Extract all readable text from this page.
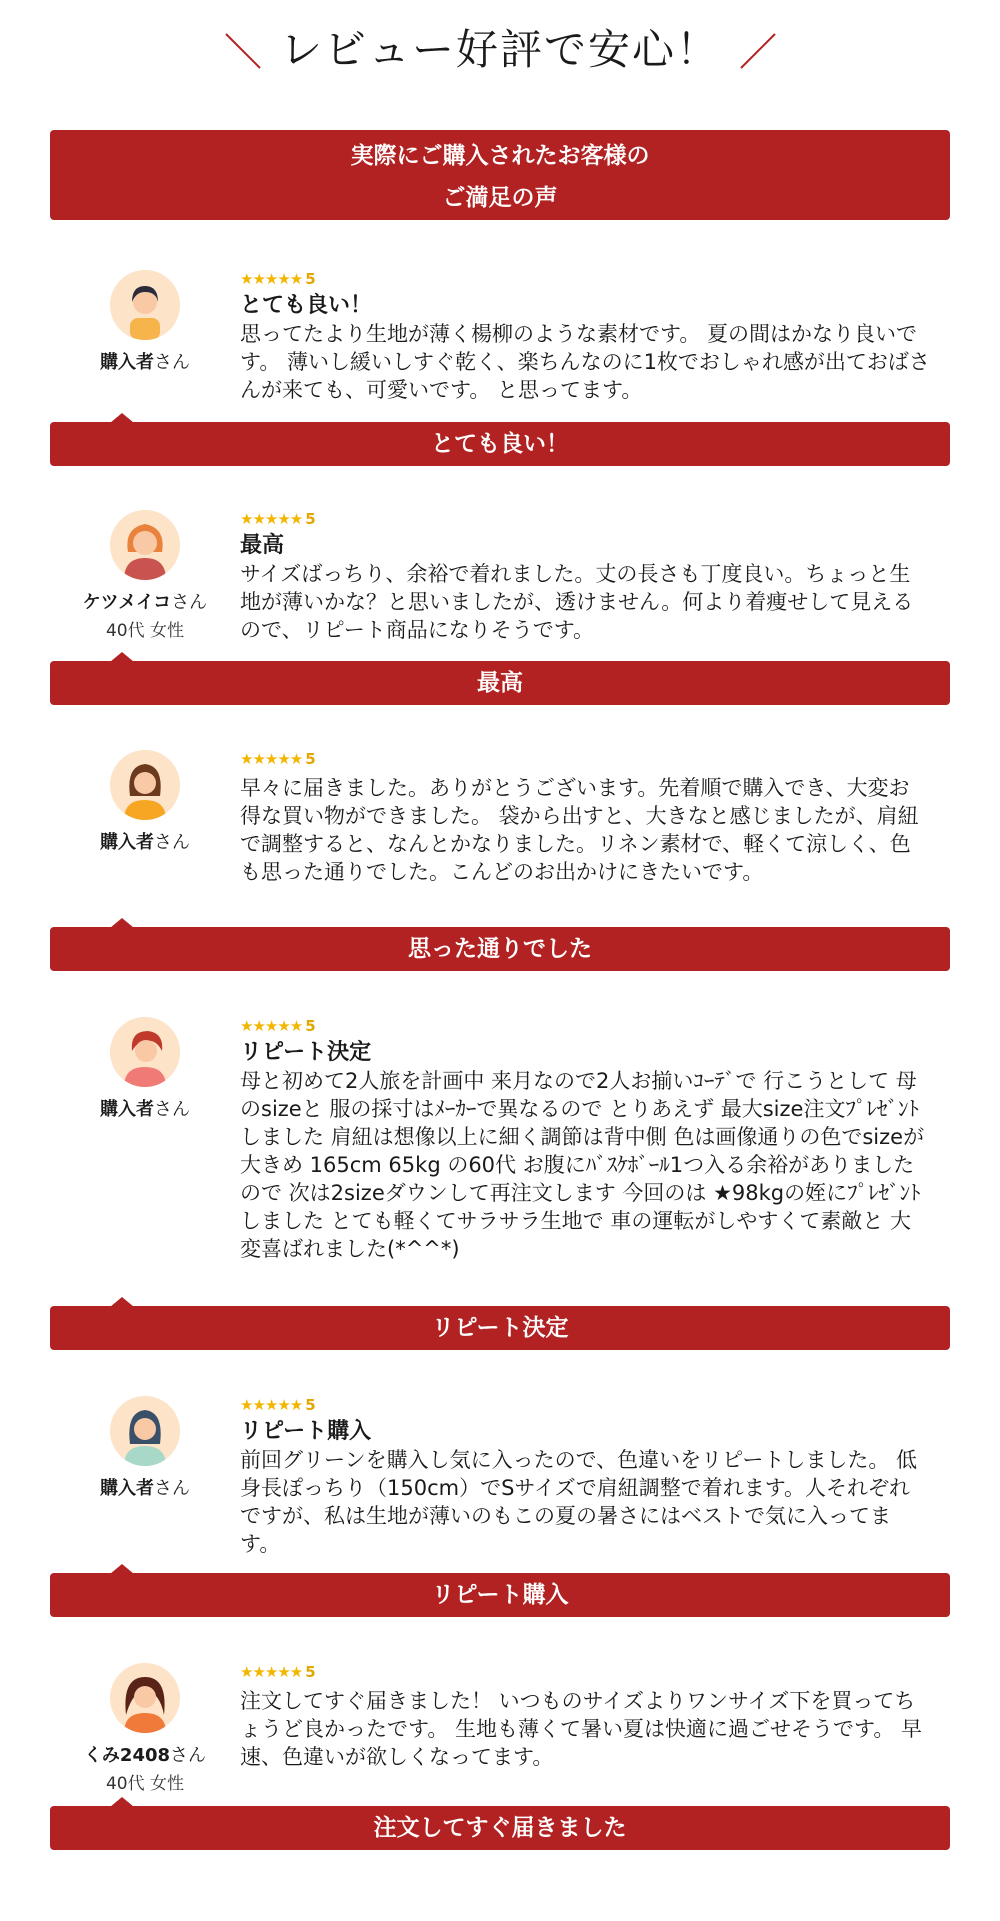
レビュー好評で安心！
実際にご購入されたお客様の
ご満足の声
購入者さん
★★★★★ 5
とても良い！
思ってたより生地が薄く楊柳のような素材です。 夏の間はかなり良いです。 薄いし緩いしすぐ乾く、楽ちんなのに1枚でおしゃれ感が出ておばさんが来ても、可愛いです。 と思ってます。
とても良い！
ケツメイコさん
40代 女性
★★★★★ 5
最高
サイズばっちり、余裕で着れました。丈の長さも丁度良い。ちょっと生地が薄いかな？と思いましたが、透けません。何より着痩せして見えるので、リピート商品になりそうです。
最高
購入者さん
★★★★★ 5
早々に届きました。ありがとうございます。先着順で購入でき、大変お得な買い物ができました。 袋から出すと、大きなと感じましたが、肩紐で調整すると、なんとかなりました。リネン素材で、軽くて涼しく、色も思った通りでした。こんどのお出かけにきたいです。
思った通りでした
購入者さん
★★★★★ 5
リピート決定
母と初めて2人旅を計画中 来月なので2人お揃いｺｰﾃﾞで 行こうとして 母のsizeと 服の採寸はﾒｰｶｰで異なるので とりあえず 最大size注文ﾌﾟﾚｾﾞﾝﾄしました 肩紐は想像以上に細く調節は背中側 色は画像通りの色でsizeが大きめ 165cm 65kg の60代 お腹にﾊﾞｽｹﾎﾞｰﾙ1つ入る余裕がありました ので 次は2sizeダウンして再注文します 今回のは ★98kgの姪にﾌﾟﾚｾﾞﾝﾄしました とても軽くてサラサラ生地で 車の運転がしやすくて素敵と 大変喜ばれました(*^^*)
リピート決定
購入者さん
★★★★★ 5
リピート購入
前回グリーンを購入し気に入ったので、色違いをリピートしました。 低身長ぽっちり（150cm）でSサイズで肩紐調整で着れます。人それぞれですが、私は生地が薄いのもこの夏の暑さにはベストで気に入ってます。
リピート購入
くみ2408さん
40代 女性
★★★★★ 5
注文してすぐ届きました！ いつものサイズよりワンサイズ下を買ってちょうど良かったです。 生地も薄くて暑い夏は快適に過ごせそうです。 早速、色違いが欲しくなってます。
注文してすぐ届きました
